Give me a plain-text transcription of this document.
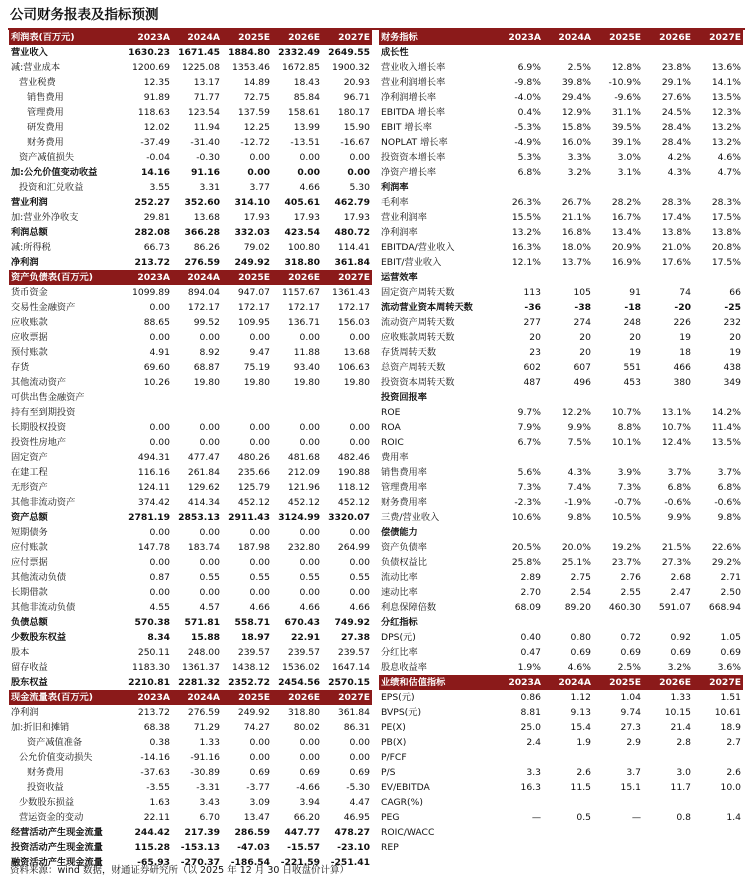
公司财务报表及指标预测
利润表(百万元)	2023A	2024A	2025E	2026E	2027E
营业收入	1630.23	1671.45	1884.80	2332.49	2649.55
减:营业成本	1200.69	1225.08	1353.46	1672.85	1900.32
营业税费	12.35	13.17	14.89	18.43	20.93
销售费用	91.89	71.77	72.75	85.84	96.71
管理费用	118.63	123.54	137.59	158.61	180.17
研发费用	12.02	11.94	12.25	13.99	15.90
财务费用	-37.49	-31.40	-12.72	-13.51	-16.67
资产减值损失	-0.04	-0.30	0.00	0.00	0.00
加:公允价值变动收益	14.16	91.16	0.00	0.00	0.00
投资和汇兑收益	3.55	3.31	3.77	4.66	5.30
营业利润	252.27	352.60	314.10	405.61	462.79
加:营业外净收支	29.81	13.68	17.93	17.93	17.93
利润总额	282.08	366.28	332.03	423.54	480.72
减:所得税	66.73	86.26	79.02	100.80	114.41
净利润	213.72	276.59	249.92	318.80	361.84
资产负债表(百万元)	2023A	2024A	2025E	2026E	2027E
货币资金	1099.89	894.04	947.07	1157.67	1361.43
交易性金融资产	0.00	172.17	172.17	172.17	172.17
应收账款	88.65	99.52	109.95	136.71	156.03
应收票据	0.00	0.00	0.00	0.00	0.00
预付账款	4.91	8.92	9.47	11.88	13.68
存货	69.60	68.87	75.19	93.40	106.63
其他流动资产	10.26	19.80	19.80	19.80	19.80
可供出售金融资产					
持有至到期投资					
长期股权投资	0.00	0.00	0.00	0.00	0.00
投资性房地产	0.00	0.00	0.00	0.00	0.00
固定资产	494.31	477.47	480.26	481.68	482.46
在建工程	116.16	261.84	235.66	212.09	190.88
无形资产	124.11	129.62	125.79	121.96	118.12
其他非流动资产	374.42	414.34	452.12	452.12	452.12
资产总额	2781.19	2853.13	2911.43	3124.99	3320.07
短期债务	0.00	0.00	0.00	0.00	0.00
应付账款	147.78	183.74	187.98	232.80	264.99
应付票据	0.00	0.00	0.00	0.00	0.00
其他流动负债	0.87	0.55	0.55	0.55	0.55
长期借款	0.00	0.00	0.00	0.00	0.00
其他非流动负债	4.55	4.57	4.66	4.66	4.66
负债总额	570.38	571.81	558.71	670.43	749.92
少数股东权益	8.34	15.88	18.97	22.91	27.38
股本	250.11	248.00	239.57	239.57	239.57
留存收益	1183.30	1361.37	1438.12	1536.02	1647.14
股东权益	2210.81	2281.32	2352.72	2454.56	2570.15
现金流量表(百万元)	2023A	2024A	2025E	2026E	2027E
净利润	213.72	276.59	249.92	318.80	361.84
加:折旧和摊销	68.38	71.29	74.27	80.02	86.31
资产减值准备	0.38	1.33	0.00	0.00	0.00
公允价值变动损失	-14.16	-91.16	0.00	0.00	0.00
财务费用	-37.63	-30.89	0.69	0.69	0.69
投资收益	-3.55	-3.31	-3.77	-4.66	-5.30
少数股东损益	1.63	3.43	3.09	3.94	4.47
营运资金的变动	22.11	6.70	13.47	66.20	46.95
经营活动产生现金流量	244.42	217.39	286.59	447.77	478.27
投资活动产生现金流量	115.28	-153.13	-47.03	-15.57	-23.10
融资活动产生现金流量	-65.93	-270.37	-186.54	-221.59	-251.41
财务指标	2023A	2024A	2025E	2026E	2027E
成长性					
营业收入增长率	6.9%	2.5%	12.8%	23.8%	13.6%
营业利润增长率	-9.8%	39.8%	-10.9%	29.1%	14.1%
净利润增长率	-4.0%	29.4%	-9.6%	27.6%	13.5%
EBITDA 增长率	0.4%	12.9%	31.1%	24.5%	12.3%
EBIT 增长率	-5.3%	15.8%	39.5%	28.4%	13.2%
NOPLAT 增长率	-4.9%	16.0%	39.1%	28.4%	13.2%
投资资本增长率	5.3%	3.3%	3.0%	4.2%	4.6%
净资产增长率	6.8%	3.2%	3.1%	4.3%	4.7%
利润率					
毛利率	26.3%	26.7%	28.2%	28.3%	28.3%
营业利润率	15.5%	21.1%	16.7%	17.4%	17.5%
净利润率	13.2%	16.8%	13.4%	13.8%	13.8%
EBITDA/营业收入	16.3%	18.0%	20.9%	21.0%	20.8%
EBIT/营业收入	12.1%	13.7%	16.9%	17.6%	17.5%
运营效率					
固定资产周转天数	113	105	91	74	66
流动营业资本周转天数	-36	-38	-18	-20	-25
流动资产周转天数	277	274	248	226	232
应收账款周转天数	20	20	20	19	20
存货周转天数	23	20	19	18	19
总资产周转天数	602	607	551	466	438
投资资本周转天数	487	496	453	380	349
投资回报率					
ROE	9.7%	12.2%	10.7%	13.1%	14.2%
ROA	7.9%	9.9%	8.8%	10.7%	11.4%
ROIC	6.7%	7.5%	10.1%	12.4%	13.5%
费用率					
销售费用率	5.6%	4.3%	3.9%	3.7%	3.7%
管理费用率	7.3%	7.4%	7.3%	6.8%	6.8%
财务费用率	-2.3%	-1.9%	-0.7%	-0.6%	-0.6%
三费/营业收入	10.6%	9.8%	10.5%	9.9%	9.8%
偿债能力					
资产负债率	20.5%	20.0%	19.2%	21.5%	22.6%
负债权益比	25.8%	25.1%	23.7%	27.3%	29.2%
流动比率	2.89	2.75	2.76	2.68	2.71
速动比率	2.70	2.54	2.55	2.47	2.50
利息保障倍数	68.09	89.20	460.30	591.07	668.94
分红指标					
DPS(元)	0.40	0.80	0.72	0.92	1.05
分红比率	0.47	0.69	0.69	0.69	0.69
股息收益率	1.9%	4.6%	2.5%	3.2%	3.6%
业绩和估值指标	2023A	2024A	2025E	2026E	2027E
EPS(元)	0.86	1.12	1.04	1.33	1.51
BVPS(元)	8.81	9.13	9.74	10.15	10.61
PE(X)	25.0	15.4	27.3	21.4	18.9
PB(X)	2.4	1.9	2.9	2.8	2.7
P/FCF					
P/S	3.3	2.6	3.7	3.0	2.6
EV/EBITDA	16.3	11.5	15.1	11.7	10.0
CAGR(%)					
PEG	—	0.5	—	0.8	1.4
ROIC/WACC					
REP					
资料来源：wind 数据，财通证券研究所（以 2025 年 12 月 30 日收盘价计算）
